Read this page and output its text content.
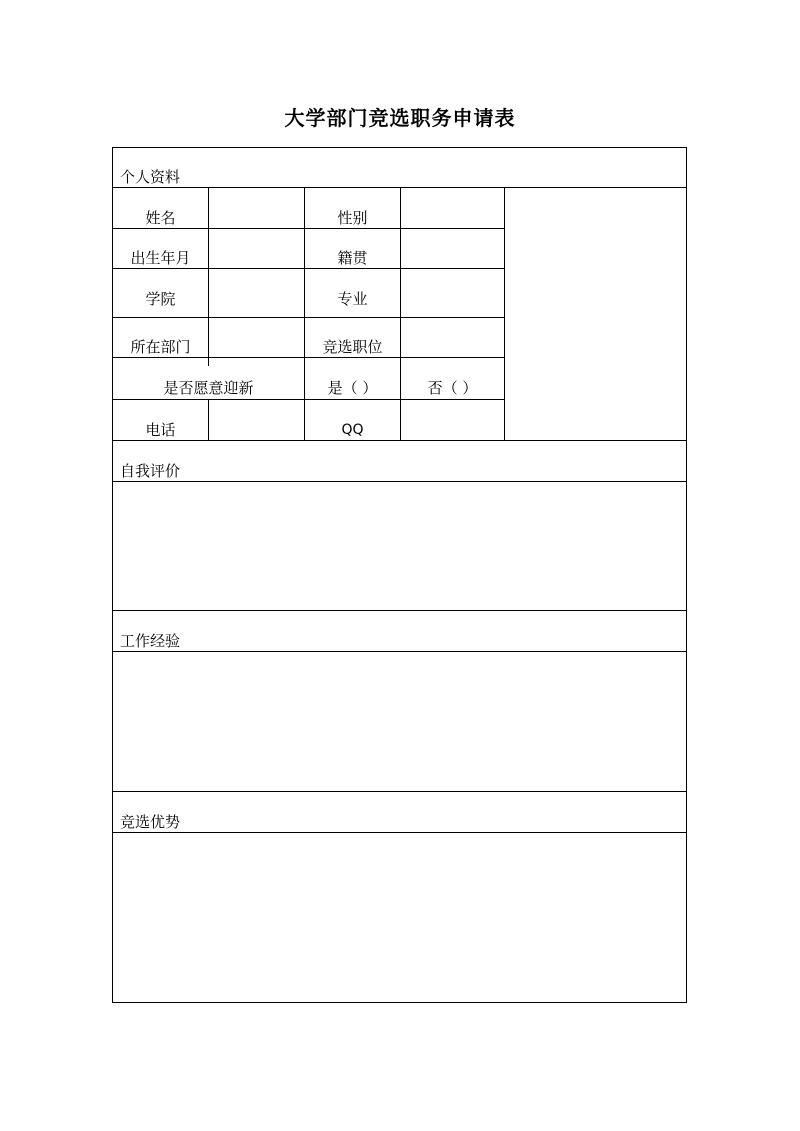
大学部门竞选职务申请表
个人资料
自我评价
工作经验
竞选优势
姓名	性别
出生年月	籍贯
学院	专业
所在部门	竞选职位
是否愿意迎新	是（ ）	否（ ）
电话	QQ
